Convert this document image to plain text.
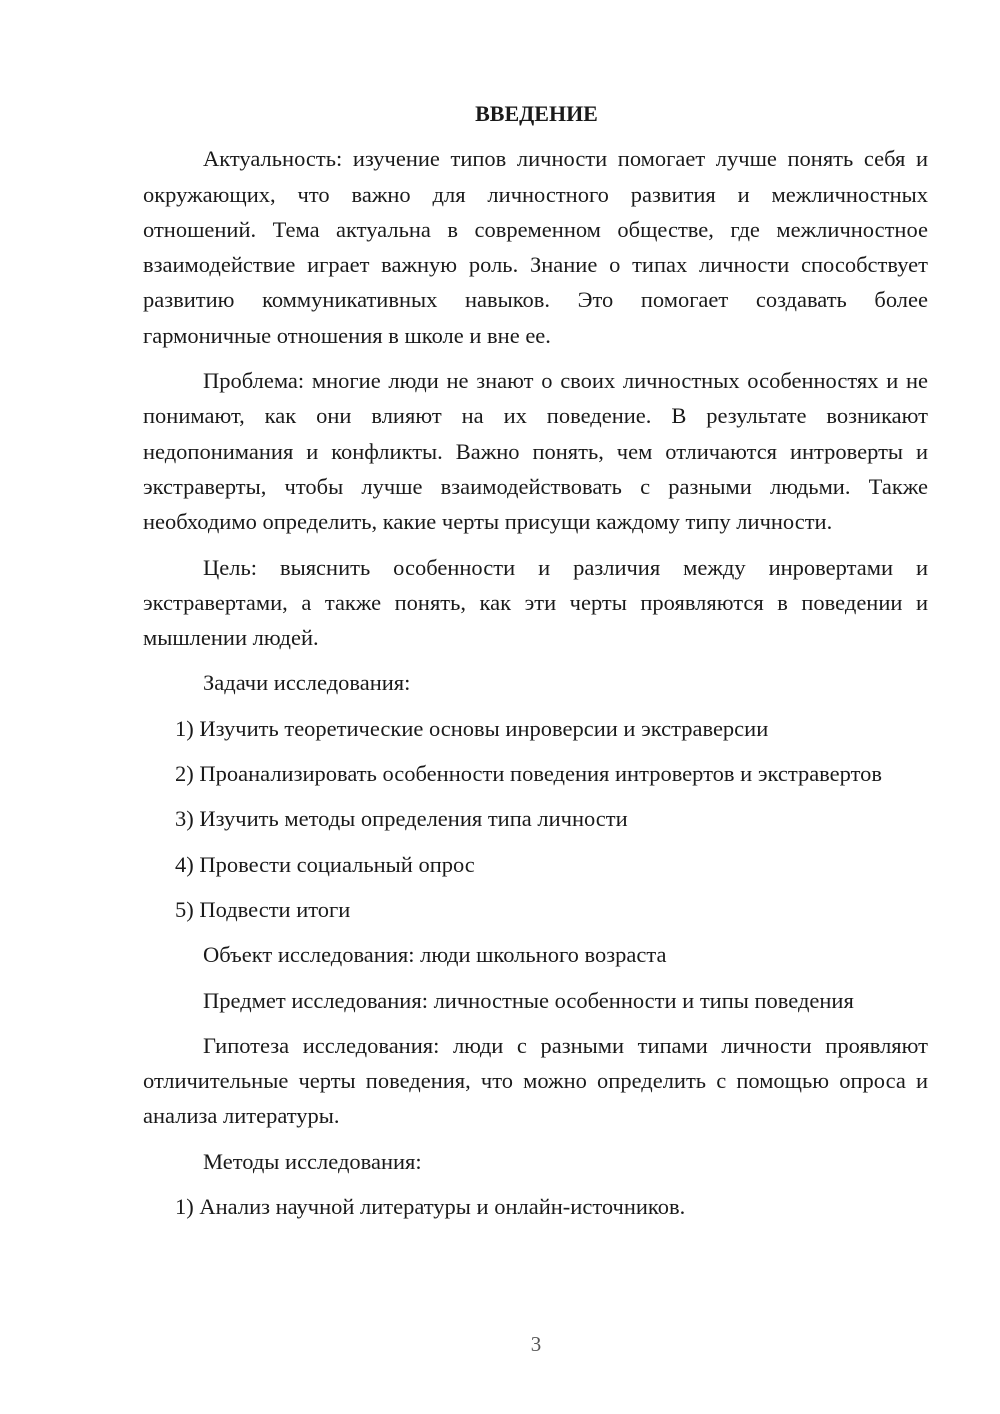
ВВЕДЕНИЕ

Актуальность: изучение типов личности помогает лучше понять себя и окружающих, что важно для личностного развития и межличностных отношений. Тема актуальна в современном обществе, где межличностное взаимодействие играет важную роль. Знание о типах личности способствует развитию коммуникативных навыков. Это помогает создавать более гармоничные отношения в школе и вне ее.

Проблема: многие люди не знают о своих личностных особенностях и не понимают, как они влияют на их поведение. В результате возникают недопонимания и конфликты. Важно понять, чем отличаются интроверты и экстраверты, чтобы лучше взаимодействовать с разными людьми. Также необходимо определить, какие черты присущи каждому типу личности.

Цель: выяснить особенности и различия между инровертами и экстравертами, а также понять, как эти черты проявляются в поведении и мышлении людей.

Задачи исследования:

1) Изучить теоретические основы инроверсии и экстраверсии

2) Проанализировать особенности поведения интровертов и экстравертов

3) Изучить методы определения типа личности

4) Провести социальный опрос

5) Подвести итоги

Объект исследования: люди школьного возраста

Предмет исследования: личностные особенности и типы поведения

Гипотеза исследования: люди с разными типами личности проявляют отличительные черты поведения, что можно определить с помощью опроса и анализа литературы.

Методы исследования:

1) Анализ научной литературы и онлайн-источников.

3
